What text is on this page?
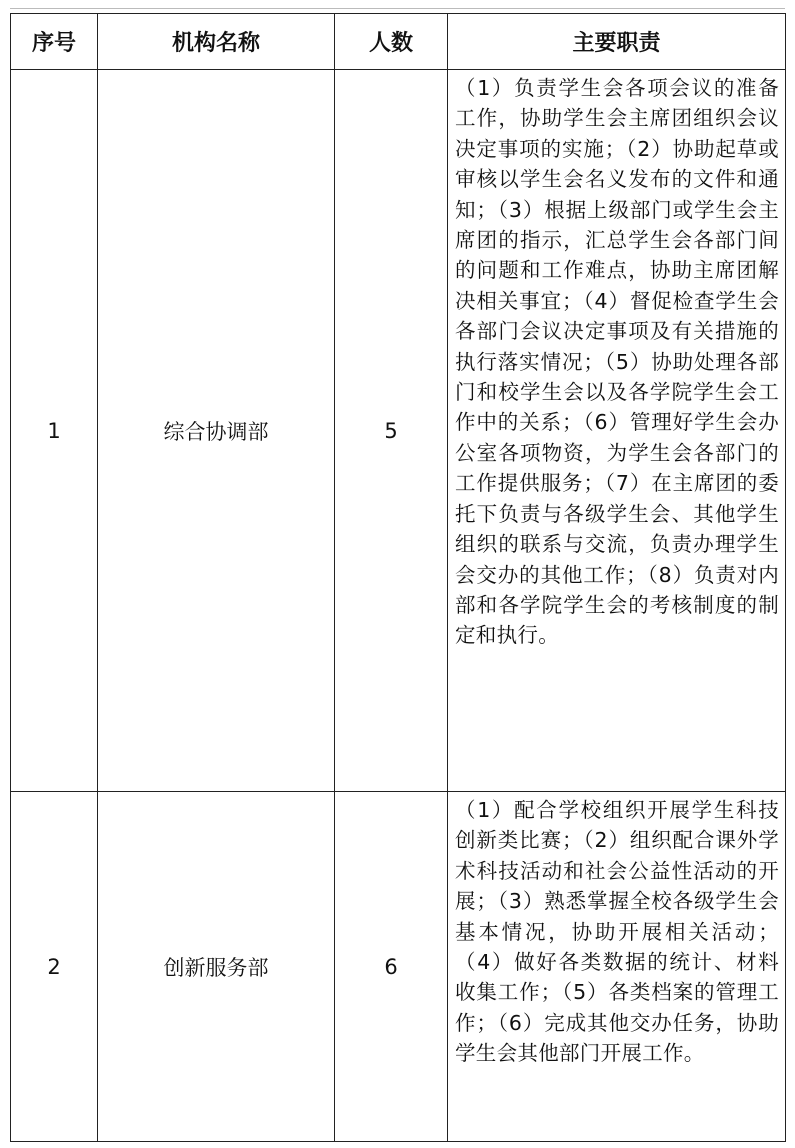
序号	机构名称	人数	主要职责
1	综合协调部	5	（1）负责学生会各项会议的准备工作，协助学生会主席团组织会议决定事项的实施；（2）协助起草或审核以学生会名义发布的文件和通知；（3）根据上级部门或学生会主席团的指示，汇总学生会各部门间的问题和工作难点，协助主席团解决相关事宜；（4）督促检查学生会各部门会议决定事项及有关措施的执行落实情况；（5）协助处理各部门和校学生会以及各学院学生会工作中的关系；（6）管理好学生会办公室各项物资，为学生会各部门的工作提供服务；（7）在主席团的委托下负责与各级学生会、其他学生组织的联系与交流，负责办理学生会交办的其他工作；（8）负责对内部和各学院学生会的考核制度的制定和执行。
2	创新服务部	6	（1）配合学校组织开展学生科技创新类比赛；（2）组织配合课外学术科技活动和社会公益性活动的开展；（3）熟悉掌握全校各级学生会基本情况，协助开展相关活动；（4）做好各类数据的统计、材料收集工作；（5）各类档案的管理工作；（6）完成其他交办任务，协助学生会其他部门开展工作。
